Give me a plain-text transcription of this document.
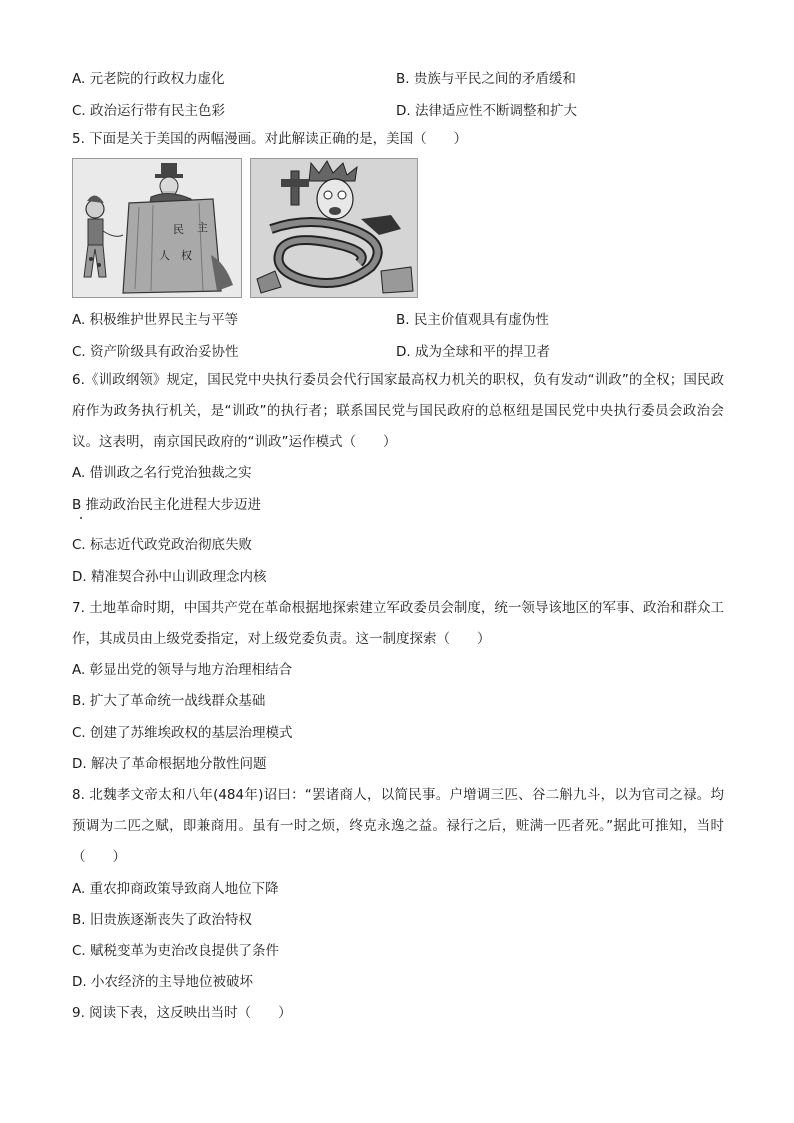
A. 元老院的行政权力虚化	B. 贵族与平民之间的矛盾缓和
C. 政治运行带有民主色彩	D. 法律适应性不断调整和扩大
5. 下面是关于美国的两幅漫画。对此解读正确的是，美国（　　）
民 主
人 权
A. 积极维护世界民主与平等	B. 民主价值观具有虚伪性
C. 资产阶级具有政治妥协性	D. 成为全球和平的捍卫者
6.《训政纲领》规定，国民党中央执行委员会代行国家最高权力机关的职权，负有发动“训政”的全权；国民政府作为政务执行机关，是“训政”的执行者；联系国民党与国民政府的总枢纽是国民党中央执行委员会政治会议。这表明，南京国民政府的“训政”运作模式（　　）
A. 借训政之名行党治独裁之实
B 推动政治民主化进程大步迈进
C. 标志近代政党政治彻底失败
D. 精准契合孙中山训政理念内核
7. 土地革命时期，中国共产党在革命根据地探索建立军政委员会制度，统一领导该地区的军事、政治和群众工作，其成员由上级党委指定，对上级党委负责。这一制度探索（　　）
A. 彰显出党的领导与地方治理相结合
B. 扩大了革命统一战线群众基础
C. 创建了苏维埃政权的基层治理模式
D. 解决了革命根据地分散性问题
8. 北魏孝文帝太和八年(484年)诏曰：“罢诸商人，以简民事。户增调三匹、谷二斛九斗，以为官司之禄。均预调为二匹之赋，即兼商用。虽有一时之烦，终克永逸之益。禄行之后，赃满一匹者死。”据此可推知，当时（　　）
A. 重农抑商政策导致商人地位下降
B. 旧贵族逐渐丧失了政治特权
C. 赋税变革为吏治改良提供了条件
D. 小农经济的主导地位被破坏
9. 阅读下表，这反映出当时（　　）
